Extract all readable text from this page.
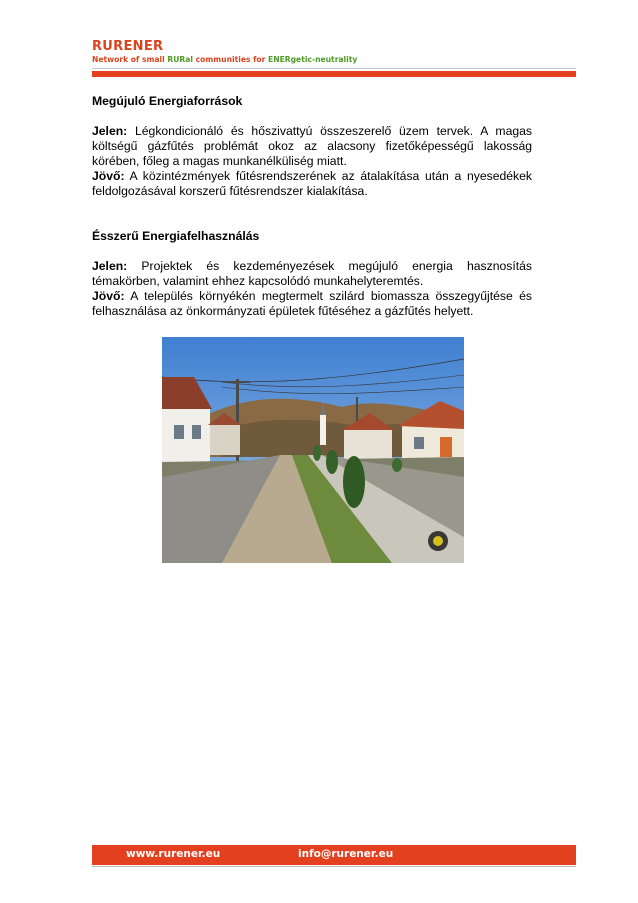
RURENER
Network of small RURal communities for ENERgetic-neutrality
Megújuló Energiaforrások

Jelen: Légkondicionáló és hőszivattyú összeszerelő üzem tervek. A magas költségű gázfűtés problémát okoz az alacsony fizetőképességű lakosság körében, főleg a magas munkanélküliség miatt.

Jövő: A közintézmények fűtésrendszerének az átalakítása után a nyesedékek feldolgozásával korszerű fűtésrendszer kialakítása.

Ésszerű Energiafelhasználás

Jelen: Projektek és kezdeményezések megújuló energia hasznosítás témakörben, valamint ehhez kapcsolódó munkahelyteremtés.

Jövő: A település környékén megtermelt szilárd biomassza összegyűjtése és felhasználása az önkormányzati épületek fűtéséhez a gázfűtés helyett.

www.rurener.eu	info@rurener.eu
